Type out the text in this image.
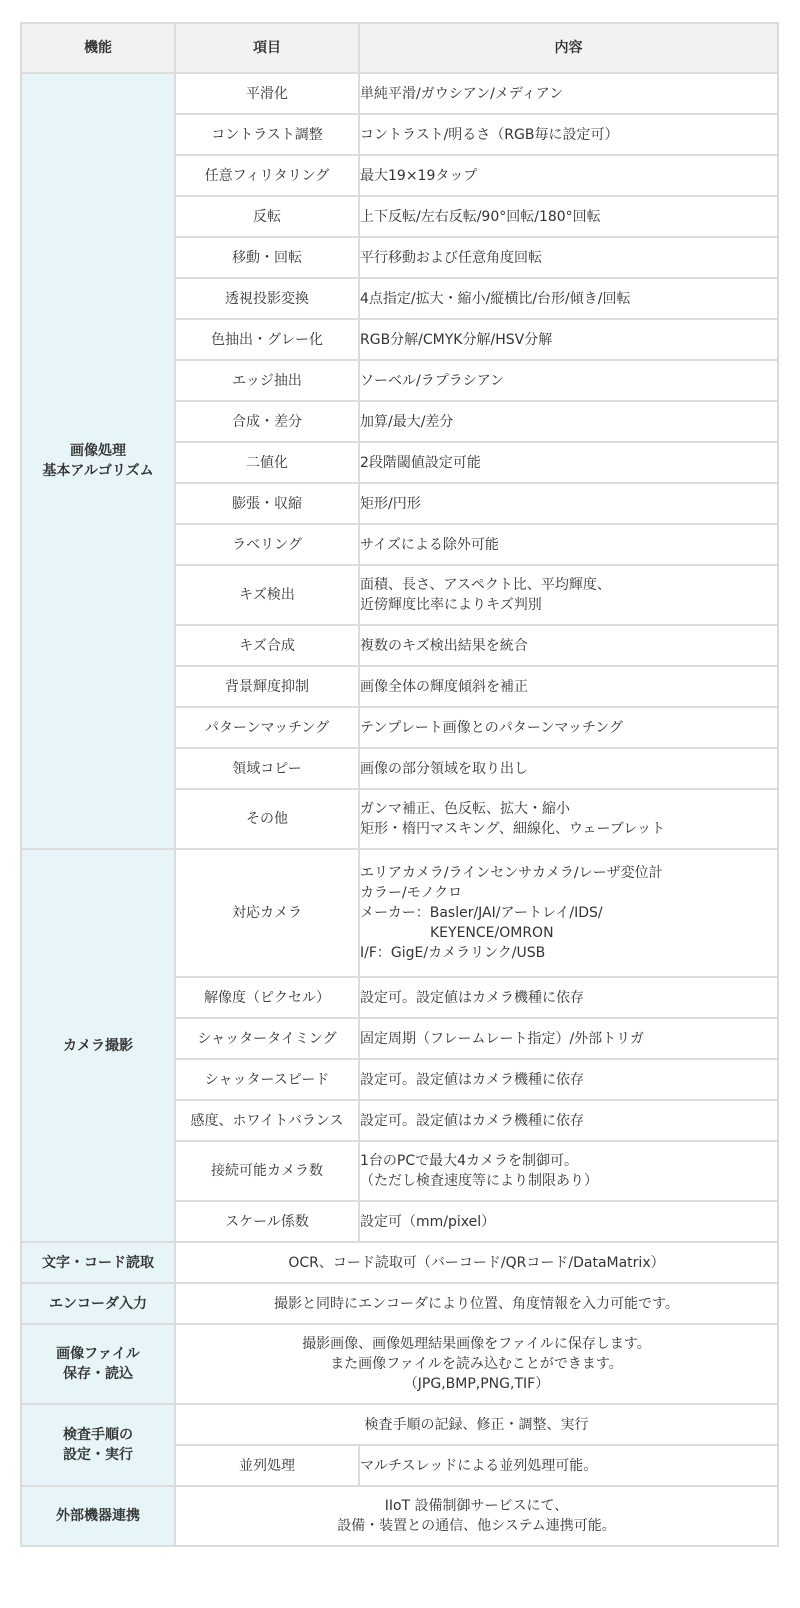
機能	項目	内容
画像処理
基本アルゴリズム	平滑化	単純平滑/ガウシアン/メディアン
	コントラスト調整	コントラスト/明るさ（RGB毎に設定可）
	任意フィリタリング	最大19×19タップ
	反転	上下反転/左右反転/90°回転/180°回転
	移動・回転	平行移動および任意角度回転
	透視投影変換	4点指定/拡大・縮小/縦横比/台形/傾き/回転
	色抽出・グレー化	RGB分解/CMYK分解/HSV分解
	エッジ抽出	ソーベル/ラプラシアン
	合成・差分	加算/最大/差分
	二値化	2段階閾値設定可能
	膨張・収縮	矩形/円形
	ラベリング	サイズによる除外可能
	キズ検出	面積、長さ、アスペクト比、平均輝度、
近傍輝度比率によりキズ判別
	キズ合成	複数のキズ検出結果を統合
	背景輝度抑制	画像全体の輝度傾斜を補正
	パターンマッチング	テンプレート画像とのパターンマッチング
	領域コピー	画像の部分領域を取り出し
	その他	ガンマ補正、色反転、拡大・縮小
矩形・楕円マスキング、細線化、ウェーブレット
カメラ撮影	対応カメラ	エリアカメラ/ラインセンサカメラ/レーザ変位計
カラー/モノクロ
メーカー：Basler/JAI/アートレイ/IDS/
　　　　　KEYENCE/OMRON
I/F：GigE/カメラリンク/USB
	解像度（ピクセル）	設定可。設定値はカメラ機種に依存
	シャッタータイミング	固定周期（フレームレート指定）/外部トリガ
	シャッタースピード	設定可。設定値はカメラ機種に依存
	感度、ホワイトバランス	設定可。設定値はカメラ機種に依存
	接続可能カメラ数	1台のPCで最大4カメラを制御可。
（ただし検査速度等により制限あり）
	スケール係数	設定可（mm/pixel）
文字・コード読取	OCR、コード読取可（バーコード/QRコード/DataMatrix）	
エンコーダ入力	撮影と同時にエンコーダにより位置、角度情報を入力可能です。	
画像ファイル
保存・読込	撮影画像、画像処理結果画像をファイルに保存します。
また画像ファイルを読み込むことができます。
（JPG,BMP,PNG,TIF）	
検査手順の
設定・実行	検査手順の記録、修正・調整、実行	
	並列処理	マルチスレッドによる並列処理可能。
外部機器連携	IIoT 設備制御サービスにて、
設備・装置との通信、他システム連携可能。	
